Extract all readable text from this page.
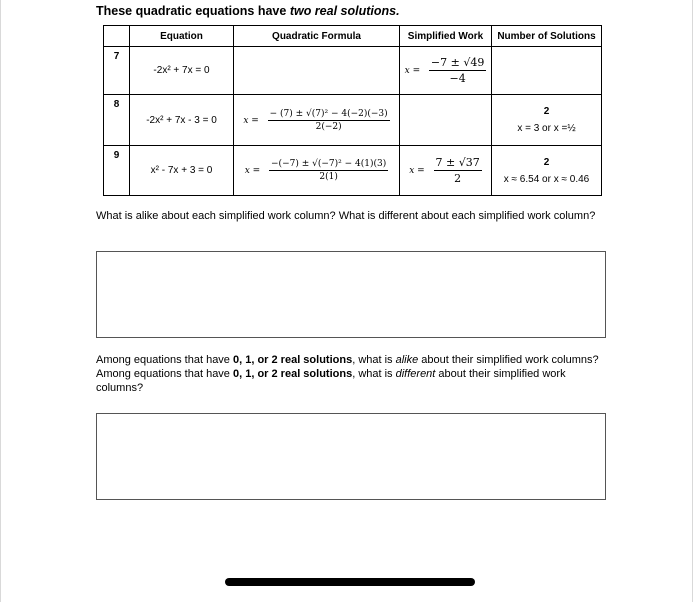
These quadratic equations have two real solutions.
	Equation	Quadratic Formula	Simplified Work	Number of Solutions
7	-2x² + 7x = 0		$x = \frac{-7 \pm √49}{-4}$

8	-2x² + 7x - 3 = 0	$x = \frac{\text{− (7) ± √(7)² − 4(−2)(−3)}}{2(-2)}$		2
x = 3 or x =½
9	x² - 7x + 3 = 0	$x = \frac{\text{−(−7) ± √(−7)² − 4(1)(3)}}{2(1)}$	$x = \frac{7 \pm √37}{2}$	2
x ≈ 6.54 or x ≈ 0.46
What is alike about each simplified work column? What is different about each simplified work column?
Among equations that have 0, 1, or 2 real solutions, what is alike about their simplified work columns? Among equations that have 0, 1, or 2 real solutions, what is different about their simplified work columns?
